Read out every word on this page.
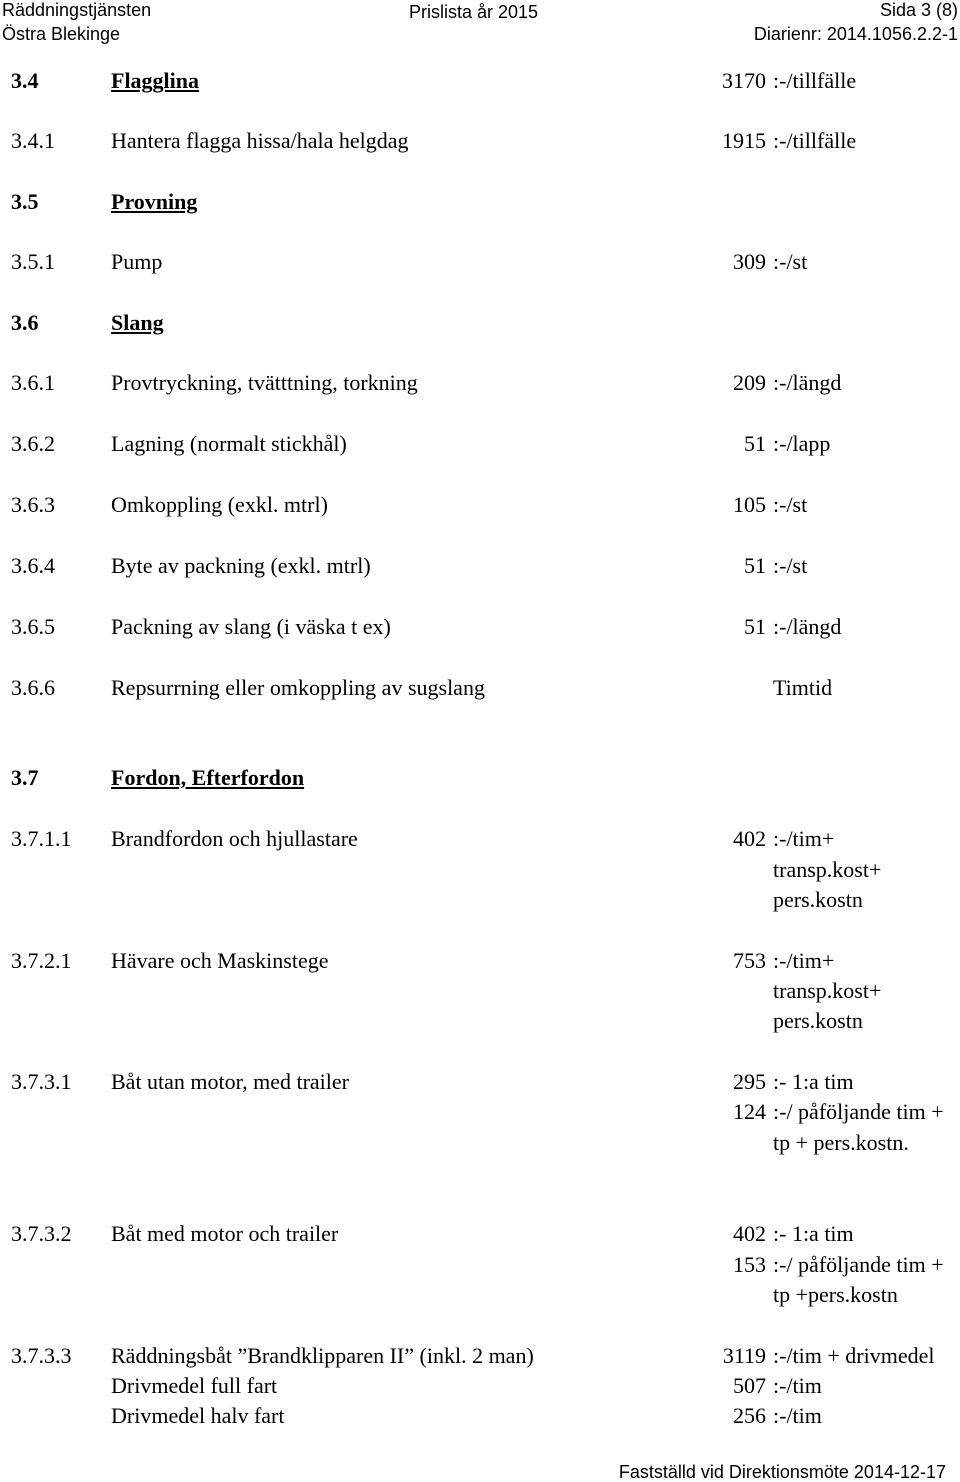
Räddningstjänsten
Östra Blekinge
Prislista år 2015	Sida 3 (8)
Diarienr: 2014.1056.2.2-1
3.4	Flagglina	3170 :-/tillfälle
3.4.1	Hantera flagga hissa/hala helgdag	1915 :-/tillfälle
3.5	Provning
3.5.1	Pump	309 :-/st
3.6	Slang
3.6.1	Provtryckning, tvätttning, torkning	209 :-/längd
3.6.2	Lagning (normalt stickhål)	51 :-/lapp
3.6.3	Omkoppling (exkl. mtrl)	105 :-/st
3.6.4	Byte av packning (exkl. mtrl)	51 :-/st
3.6.5	Packning av slang (i väska t ex)	51 :-/längd
3.6.6	Repsurrning eller omkoppling av sugslang	Timtid
3.7	Fordon, Efterfordon
3.7.1.1 Brandfordon och hjullastare	402 :-/tim+
transp.kost+
pers.kostn
3.7.2.1 Hävare och Maskinstege	753 :-/tim+
transp.kost+
pers.kostn
3.7.3.1 Båt utan motor, med trailer	295 :- 1:a tim
124 :-/ påföljande tim +
tp + pers.kostn.
3.7.3.2 Båt med motor och trailer	402 :- 1:a tim
153 :-/ påföljande tim +
tp +pers.kostn
3.7.3.3 Räddningsbåt ”Brandklipparen II” (inkl. 2 man)	3119 :-/tim + drivmedel
Drivmedel full fart	507 :-/tim
Drivmedel halv fart	256 :-/tim
Fastställd vid Direktionsmöte 2014-12-17
